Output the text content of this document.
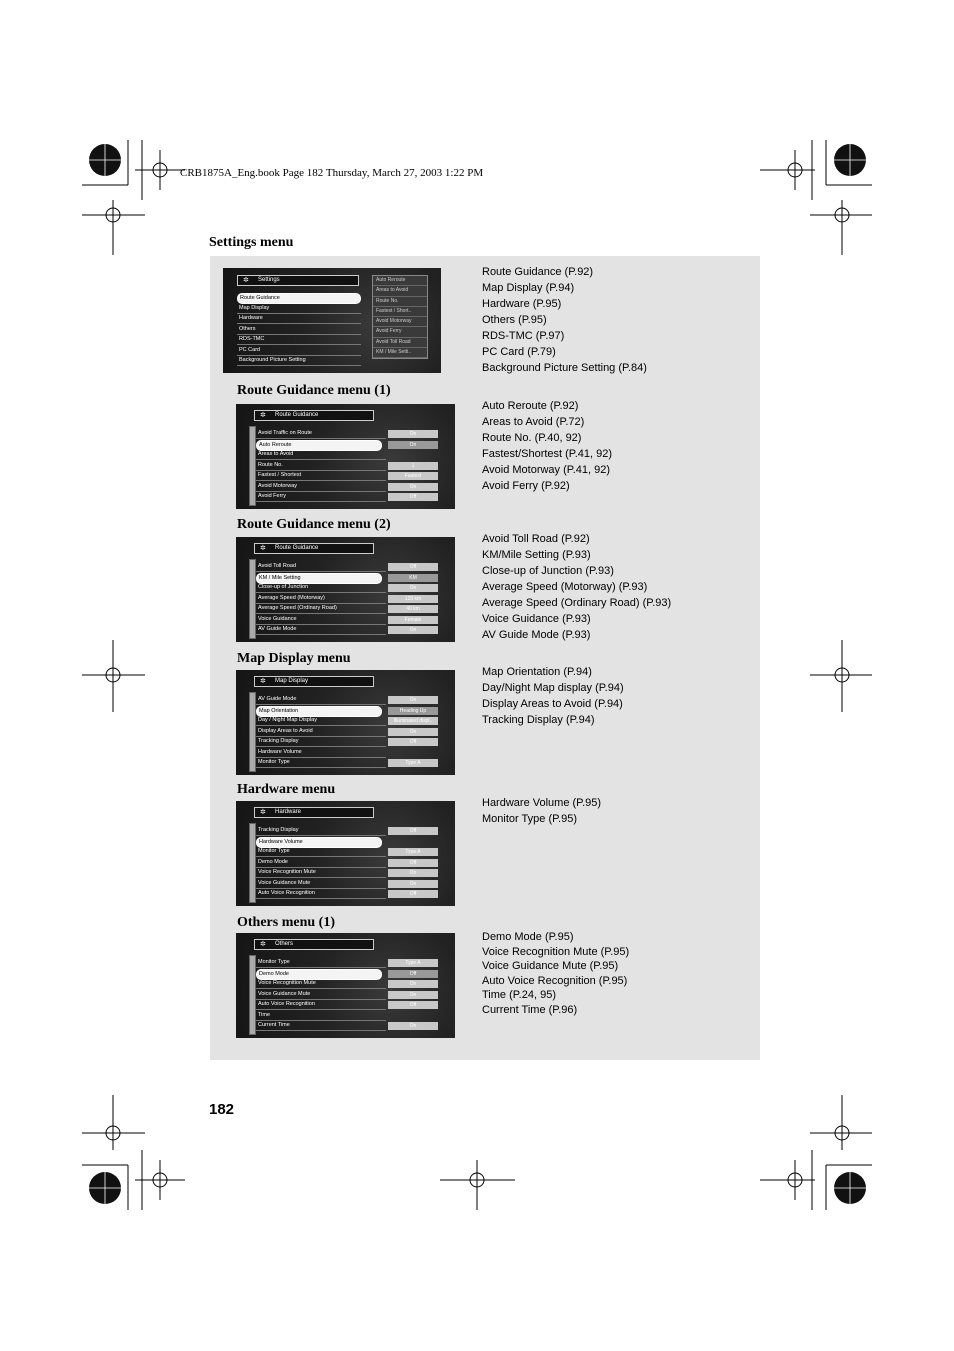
CRB1875A_Eng.book Page 182 Thursday, March 27, 2003 1:22 PM
Settings menu
✲ Settings
Route Guidance
Map Display
Hardware
Others
RDS-TMC
PC Card
Background Picture Setting
Auto Reroute
Areas to Avoid
Route No.
Fastest / Short..
Avoid Motorway
Avoid Ferry
Avoid Toll Road
KM / Mile Setti..
Route Guidance (P.92)
Map Display (P.94)
Hardware (P.95)
Others (P.95)
RDS-TMC (P.97)
PC Card (P.79)
Background Picture Setting (P.84)
Route Guidance menu (1)
Route Guidance menu (2)
Map Display menu
Hardware menu
Others menu (1)
✲ Route Guidance
Avoid Traffic on Route	On
Auto Reroute	On
Areas to Avoid
Route No.	1
Fastest / Shortest	Fastest
Avoid Motorway	On
Avoid Ferry	Off
✲ Route Guidance
Avoid Toll Road	Off
KM / Mile Setting	KM
Close-up of Junction	On
Average Speed (Motorway)	120 km
Average Speed (Ordinary Road)	40 km
Voice Guidance	Female
AV Guide Mode	On
✲ Map Display
AV Guide Mode	On
Map Orientation	Heading Up
Day / Night Map Display	Illuminated displ..
Display Areas to Avoid	On
Tracking Display	Off
Hardware Volume
Monitor Type	Type A
✲ Hardware
Tracking Display	Off
Hardware Volume
Monitor Type	Type A
Demo Mode	Off
Voice Recognition Mute	On
Voice Guidance Mute	On
Auto Voice Recognition	Off
✲ Others
Monitor Type	Type A
Demo Mode	Off
Voice Recognition Mute	On
Voice Guidance Mute	On
Auto Voice Recognition	Off
Time
Current Time	On
Auto Reroute (P.92)
Areas to Avoid (P.72)
Route No. (P.40, 92)
Fastest/Shortest (P.41, 92)
Avoid Motorway (P.41, 92)
Avoid Ferry (P.92)
Avoid Toll Road (P.92)
KM/Mile Setting (P.93)
Close-up of Junction (P.93)
Average Speed (Motorway) (P.93)
Average Speed (Ordinary Road) (P.93)
Voice Guidance (P.93)
AV Guide Mode (P.93)
Map Orientation (P.94)
Day/Night Map display (P.94)
Display Areas to Avoid (P.94)
Tracking Display (P.94)
Hardware Volume (P.95)
Monitor Type (P.95)
Demo Mode (P.95)
Voice Recognition Mute (P.95)
Voice Guidance Mute (P.95)
Auto Voice Recognition (P.95)
Time (P.24, 95)
Current Time (P.96)
182
